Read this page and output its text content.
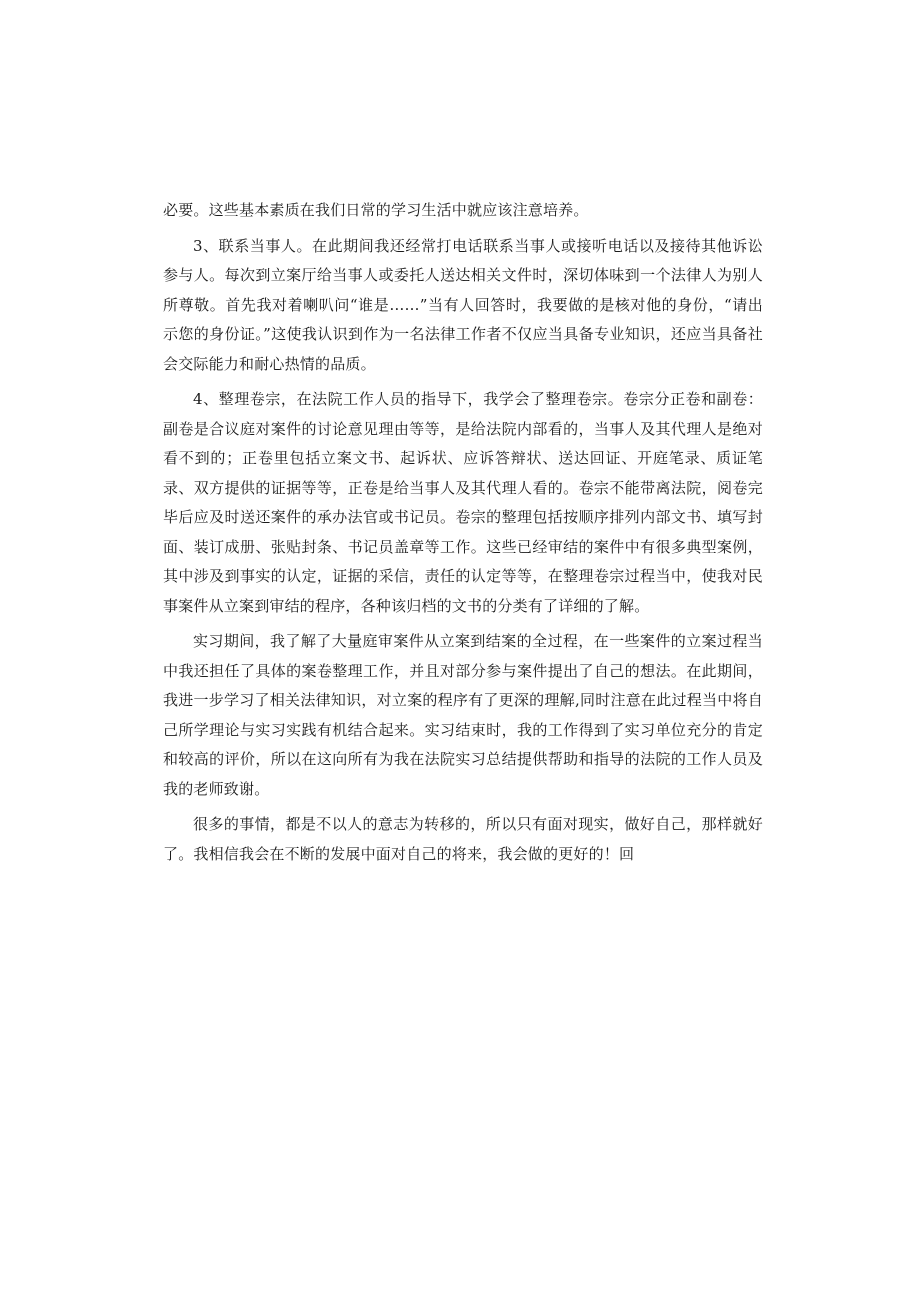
必要。这些基本素质在我们日常的学习生活中就应该注意培养。

3、联系当事人。在此期间我还经常打电话联系当事人或接听电话以及接待其他诉讼参与人。每次到立案厅给当事人或委托人送达相关文件时，深切体味到一个法律人为别人所尊敬。首先我对着喇叭问“谁是……”当有人回答时，我要做的是核对他的身份，“请出示您的身份证。”这使我认识到作为一名法律工作者不仅应当具备专业知识，还应当具备社会交际能力和耐心热情的品质。

4、整理卷宗，在法院工作人员的指导下，我学会了整理卷宗。卷宗分正卷和副卷：副卷是合议庭对案件的讨论意见理由等等，是给法院内部看的，当事人及其代理人是绝对看不到的；正卷里包括立案文书、起诉状、应诉答辩状、送达回证、开庭笔录、质证笔录、双方提供的证据等等，正卷是给当事人及其代理人看的。卷宗不能带离法院，阅卷完毕后应及时送还案件的承办法官或书记员。卷宗的整理包括按顺序排列内部文书、填写封面、装订成册、张贴封条、书记员盖章等工作。这些已经审结的案件中有很多典型案例，其中涉及到事实的认定，证据的采信，责任的认定等等，在整理卷宗过程当中，使我对民事案件从立案到审结的程序，各种该归档的文书的分类有了详细的了解。

实习期间，我了解了大量庭审案件从立案到结案的全过程，在一些案件的立案过程当中我还担任了具体的案卷整理工作，并且对部分参与案件提出了自己的想法。在此期间，我进一步学习了相关法律知识，对立案的程序有了更深的理解,同时注意在此过程当中将自己所学理论与实习实践有机结合起来。实习结束时，我的工作得到了实习单位充分的肯定和较高的评价，所以在这向所有为我在法院实习总结提供帮助和指导的法院的工作人员及我的老师致谢。

很多的事情，都是不以人的意志为转移的，所以只有面对现实，做好自己，那样就好了。我相信我会在不断的发展中面对自己的将来，我会做的更好的！回
